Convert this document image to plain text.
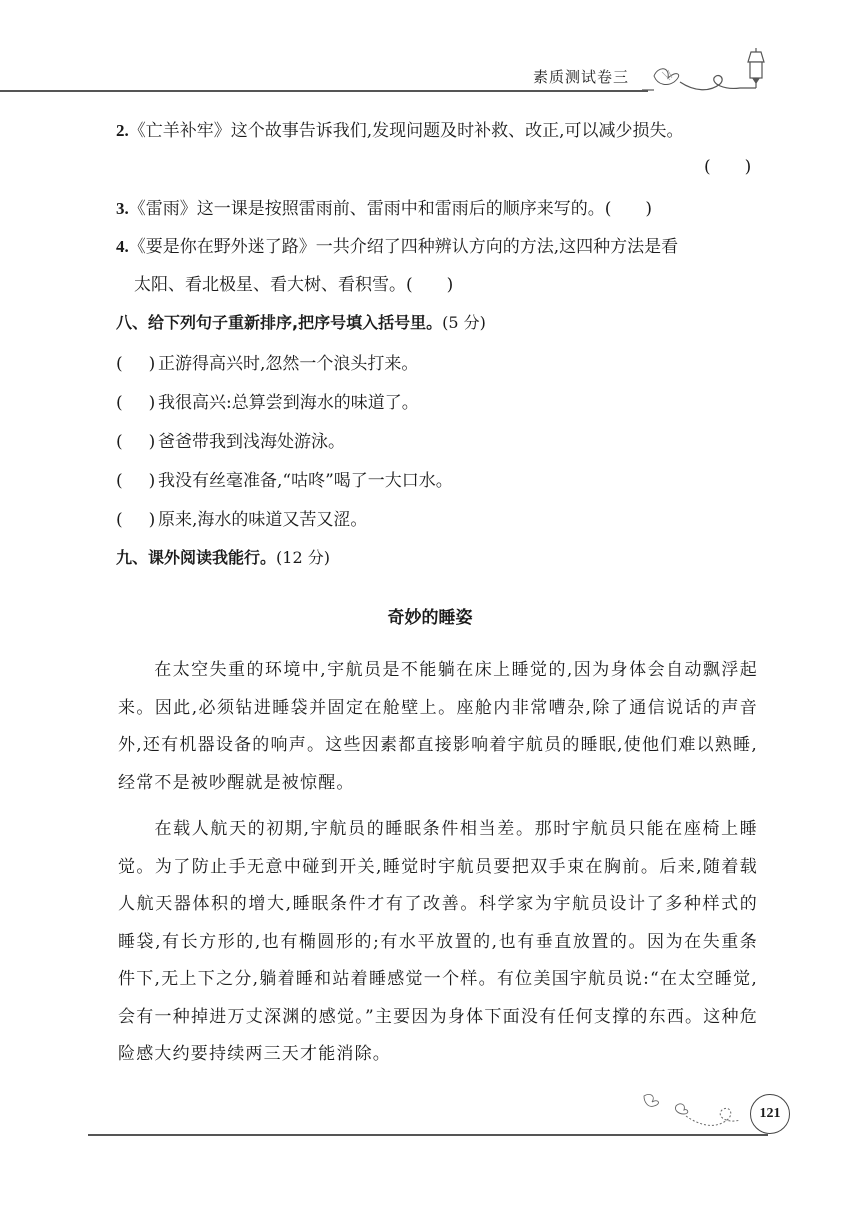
素质测试卷三
2.《亡羊补牢》这个故事告诉我们,发现问题及时补救、改正,可以减少损失。
(　　)
3.《雷雨》这一课是按照雷雨前、雷雨中和雷雨后的顺序来写的。(　　)
4.《要是你在野外迷了路》一共介绍了四种辨认方向的方法,这四种方法是看
太阳、看北极星、看大树、看积雪。(　　)
八、给下列句子重新排序,把序号填入括号里。(5 分)
( ) 正游得高兴时,忽然一个浪头打来。
( ) 我很高兴:总算尝到海水的味道了。
( ) 爸爸带我到浅海处游泳。
( ) 我没有丝毫准备,“咕咚”喝了一大口水。
( ) 原来,海水的味道又苦又涩。
九、课外阅读我能行。(12 分)
奇妙的睡姿
在太空失重的环境中,宇航员是不能躺在床上睡觉的,因为身体会自动飘浮起来。因此,必须钻进睡袋并固定在舱壁上。座舱内非常嘈杂,除了通信说话的声音外,还有机器设备的响声。这些因素都直接影响着宇航员的睡眠,使他们难以熟睡,经常不是被吵醒就是被惊醒。
在载人航天的初期,宇航员的睡眠条件相当差。那时宇航员只能在座椅上睡觉。为了防止手无意中碰到开关,睡觉时宇航员要把双手束在胸前。后来,随着载人航天器体积的增大,睡眠条件才有了改善。科学家为宇航员设计了多种样式的睡袋,有长方形的,也有椭圆形的;有水平放置的,也有垂直放置的。因为在失重条件下,无上下之分,躺着睡和站着睡感觉一个样。有位美国宇航员说:“在太空睡觉,会有一种掉进万丈深渊的感觉。”主要因为身体下面没有任何支撑的东西。这种危险感大约要持续两三天才能消除。
121
